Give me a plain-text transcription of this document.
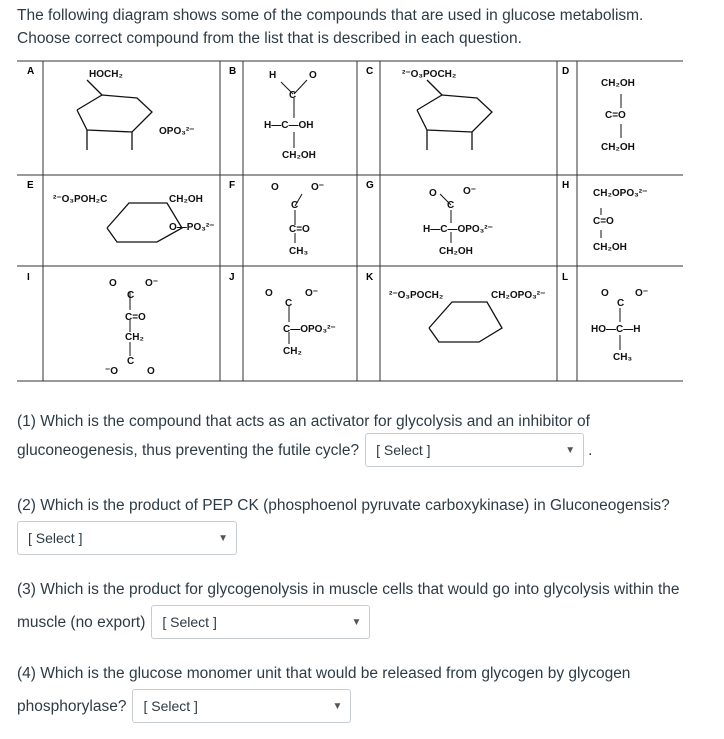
The following diagram shows some of the compounds that are used in glucose metabolism.
Choose correct compound from the list that is described in each question.
A	B	C	D
E	F	G	H
I	J	K	L
HOCH₂
OPO₃²⁻
H	O
C
H—C—OH
CH₂OH
²⁻O₃POCH₂
CH₂OH
C=O
CH₂OH
²⁻O₃POH₂C	CH₂OH
O—PO₃²⁻
O
C
O⁻
C=O
CH₃
O
C
O⁻
H—C—OPO₃²⁻
CH₂OH
CH₂OPO₃²⁻
C=O
CH₂OH
O
C
O⁻
C=O
CH₂
⁻O
C
O
O
C
O⁻
C—OPO₃²⁻
CH₂
²⁻O₃POCH₂	CH₂OPO₃²⁻	O
C
O⁻
HO—C—H
CH₃
(1) Which is the compound that acts as an activator for glycolysis and an inhibitor of
gluconeogenesis, thus preventing the futile cycle? [ Select ]	▼ .
(2) Which is the product of PEP CK (phosphoenol pyruvate carboxykinase) in Gluconeogensis?
[ Select ]	▼
(3) Which is the product for glycogenolysis in muscle cells that would go into glycolysis within the
muscle (no export) [ Select ]	▼
(4) Which is the glucose monomer unit that would be released from glycogen by glycogen
phosphorylase? [ Select ]	▼
